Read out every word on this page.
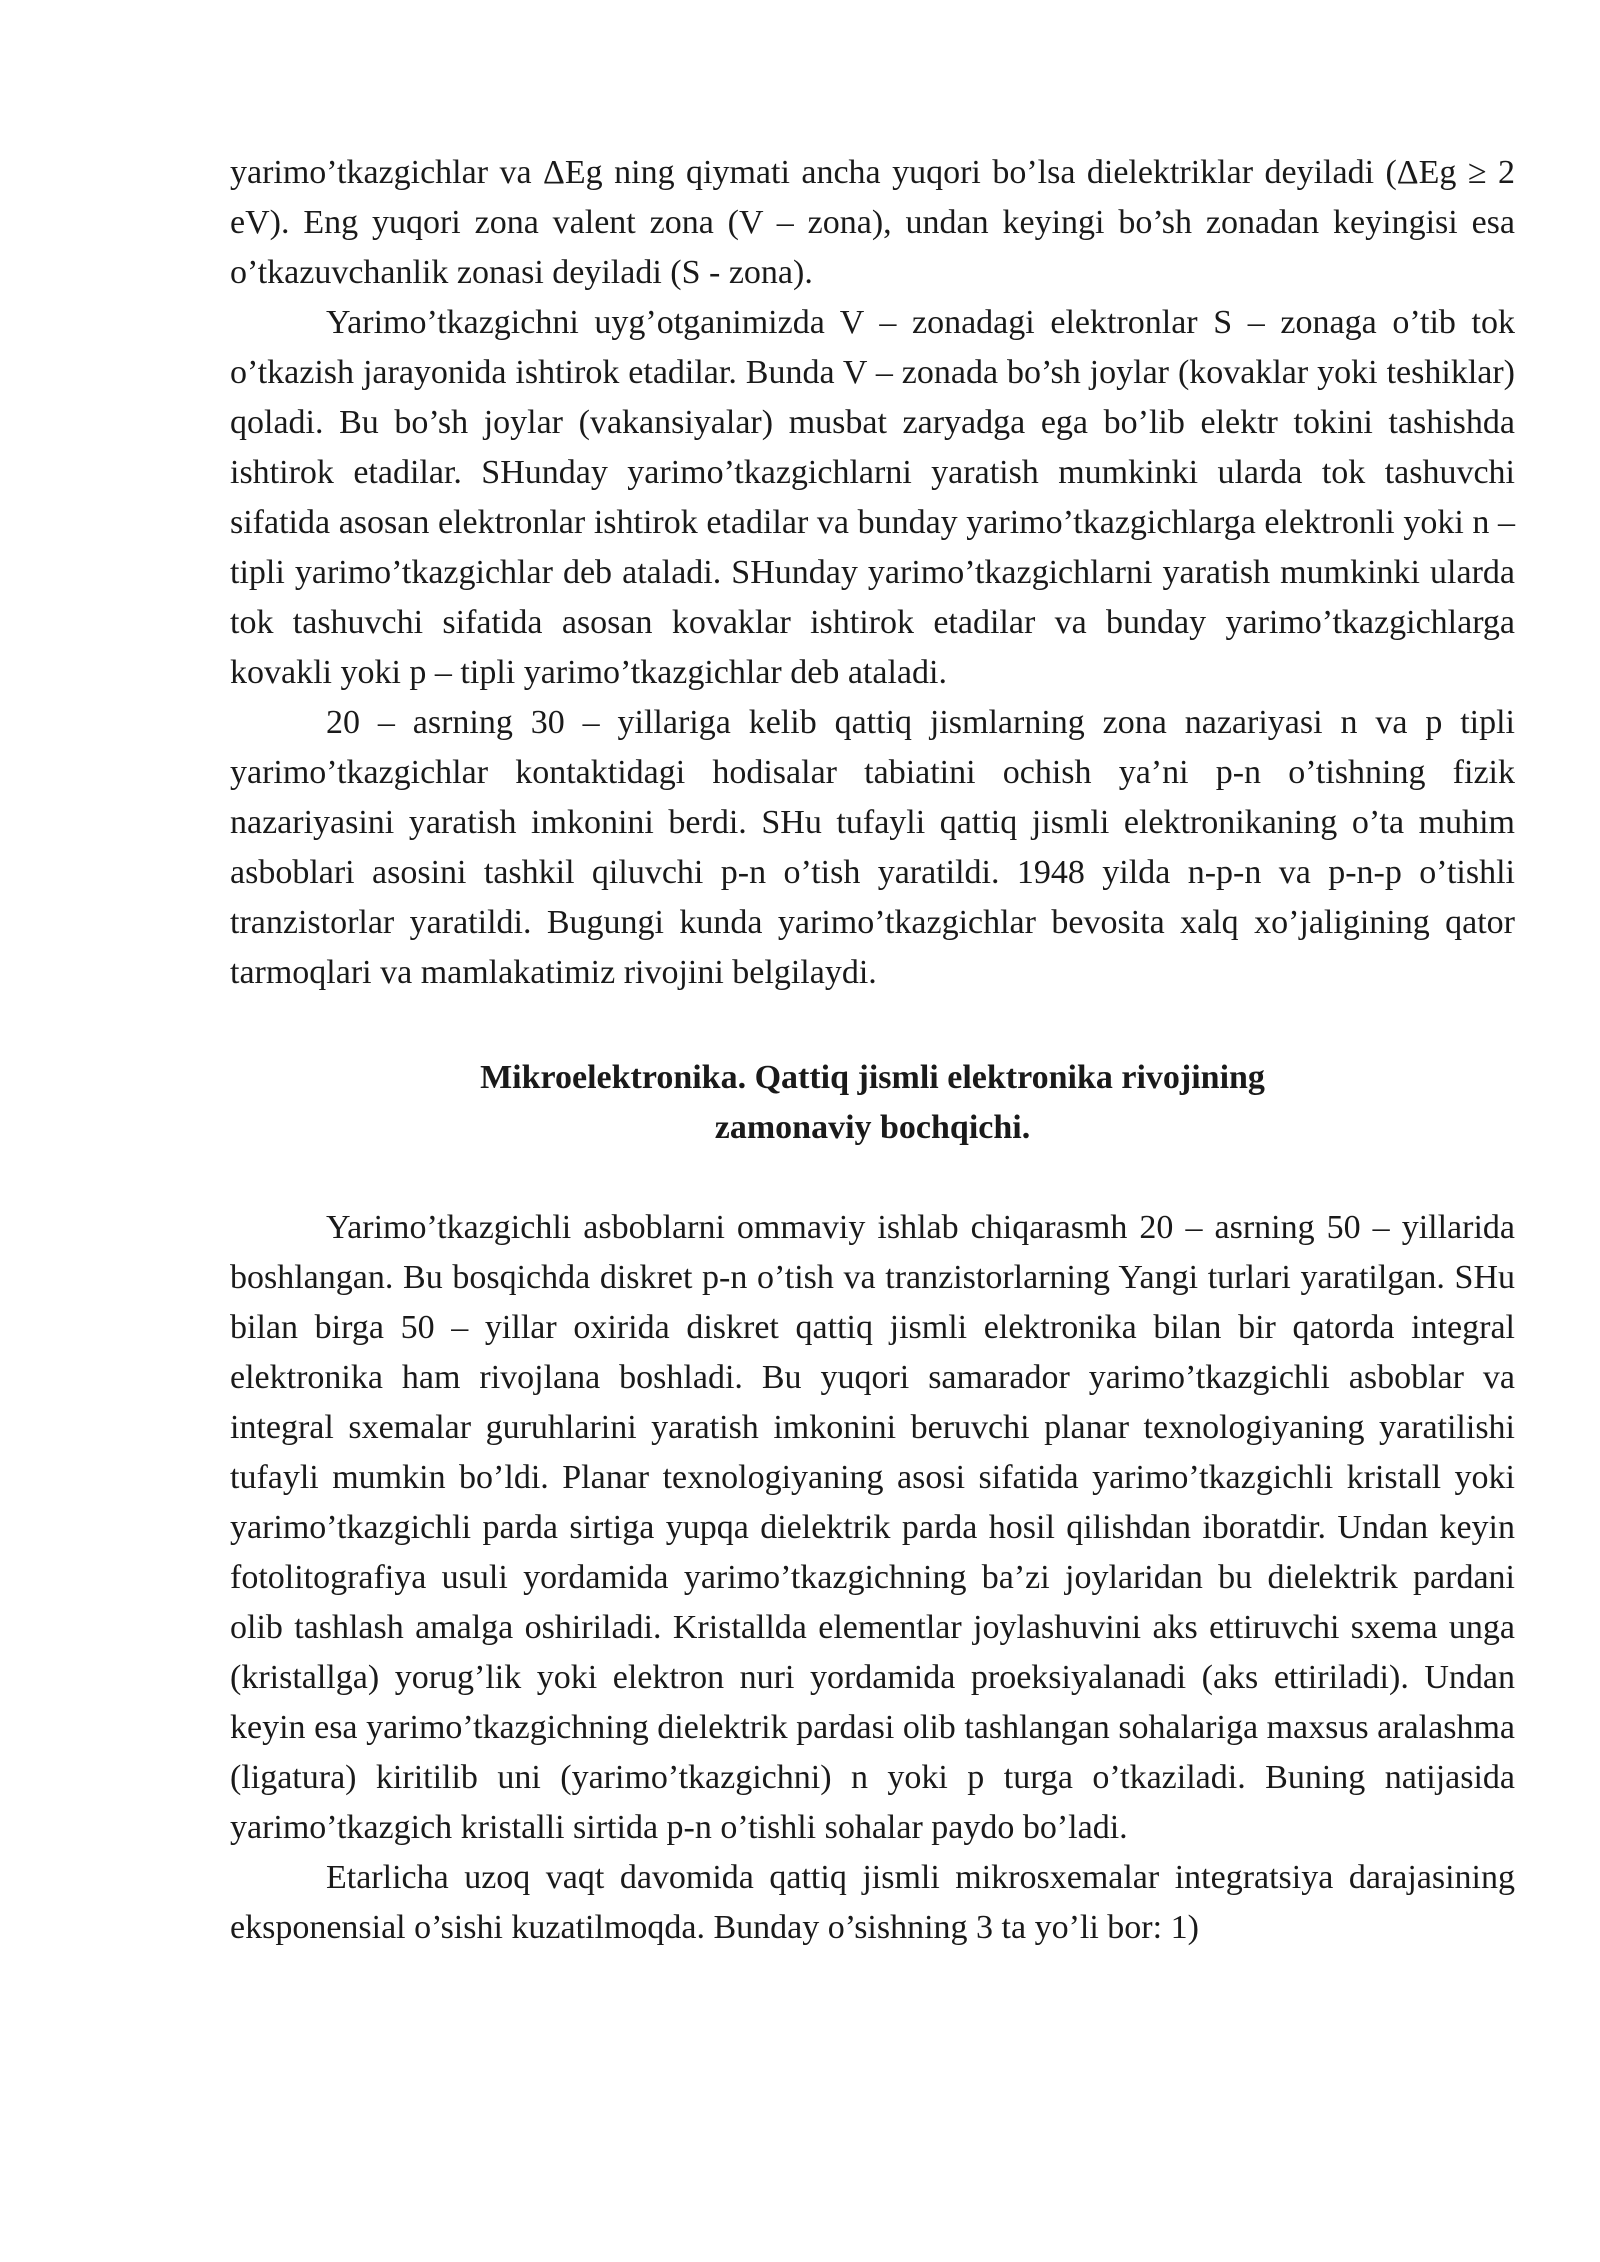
yarimo’tkazgichlar va ΔEg ning qiymati ancha yuqori bo’lsa dielektriklar deyiladi (ΔEg ≥ 2 eV). Eng yuqori zona valent zona (V – zona), undan keyingi bo’sh zonadan keyingisi esa o’tkazuvchanlik zonasi deyiladi (S - zona).

Yarimo’tkazgichni uyg’otganimizda V – zonadagi elektronlar S – zonaga o’tib tok o’tkazish jarayonida ishtirok etadilar. Bunda V – zonada bo’sh joylar (kovaklar yoki teshiklar) qoladi. Bu bo’sh joylar (vakansiyalar) musbat zaryadga ega bo’lib elektr tokini tashishda ishtirok etadilar. SHunday yarimo’tkazgichlarni yaratish mumkinki ularda tok tashuvchi sifatida asosan elektronlar ishtirok etadilar va bunday yarimo’tkazgichlarga elektronli yoki n – tipli yarimo’tkazgichlar deb ataladi. SHunday yarimo’tkazgichlarni yaratish mumkinki ularda tok tashuvchi sifatida asosan kovaklar ishtirok etadilar va bunday yarimo’tkazgichlarga kovakli yoki p – tipli yarimo’tkazgichlar deb ataladi.

20 – asrning 30 – yillariga kelib qattiq jismlarning zona nazariyasi n va p tipli yarimo’tkazgichlar kontaktidagi hodisalar tabiatini ochish ya’ni p-n o’tishning fizik nazariyasini yaratish imkonini berdi. SHu tufayli qattiq jismli elektronikaning o’ta muhim asboblari asosini tashkil qiluvchi p-n o’tish yaratildi. 1948 yilda n-p-n va p-n-p o’tishli tranzistorlar yaratildi. Bugungi kunda yarimo’tkazgichlar bevosita xalq xo’jaligining qator tarmoqlari va mamlakatimiz rivojini belgilaydi.

Mikroelektronika. Qattiq jismli elektronika rivojining
zamonaviy bochqichi.

Yarimo’tkazgichli asboblarni ommaviy ishlab chiqarasmh 20 – asrning 50 – yillarida boshlangan. Bu bosqichda diskret p-n o’tish va tranzistorlarning Yangi turlari yaratilgan. SHu bilan birga 50 – yillar oxirida diskret qattiq jismli elektronika bilan bir qatorda integral elektronika ham rivojlana boshladi. Bu yuqori samarador yarimo’tkazgichli asboblar va integral sxemalar guruhlarini yaratish imkonini beruvchi planar texnologiyaning yaratilishi tufayli mumkin bo’ldi. Planar texnologiyaning asosi sifatida yarimo’tkazgichli kristall yoki yarimo’tkazgichli parda sirtiga yupqa dielektrik parda hosil qilishdan iboratdir. Undan keyin fotolitografiya usuli yordamida yarimo’tkazgichning ba’zi joylaridan bu dielektrik pardani olib tashlash amalga oshiriladi. Kristallda elementlar joylashuvini aks ettiruvchi sxema unga (kristallga) yorug’lik yoki elektron nuri yordamida proeksiyalanadi (aks ettiriladi). Undan keyin esa yarimo’tkazgichning dielektrik pardasi olib tashlangan sohalariga maxsus aralashma (ligatura) kiritilib uni (yarimo’tkazgichni) n yoki p turga o’tkaziladi. Buning natijasida yarimo’tkazgich kristalli sirtida p-n o’tishli sohalar paydo bo’ladi.

Etarlicha uzoq vaqt davomida qattiq jismli mikrosxemalar integratsiya darajasining eksponensial o’sishi kuzatilmoqda. Bunday o’sishning 3 ta yo’li bor: 1)
